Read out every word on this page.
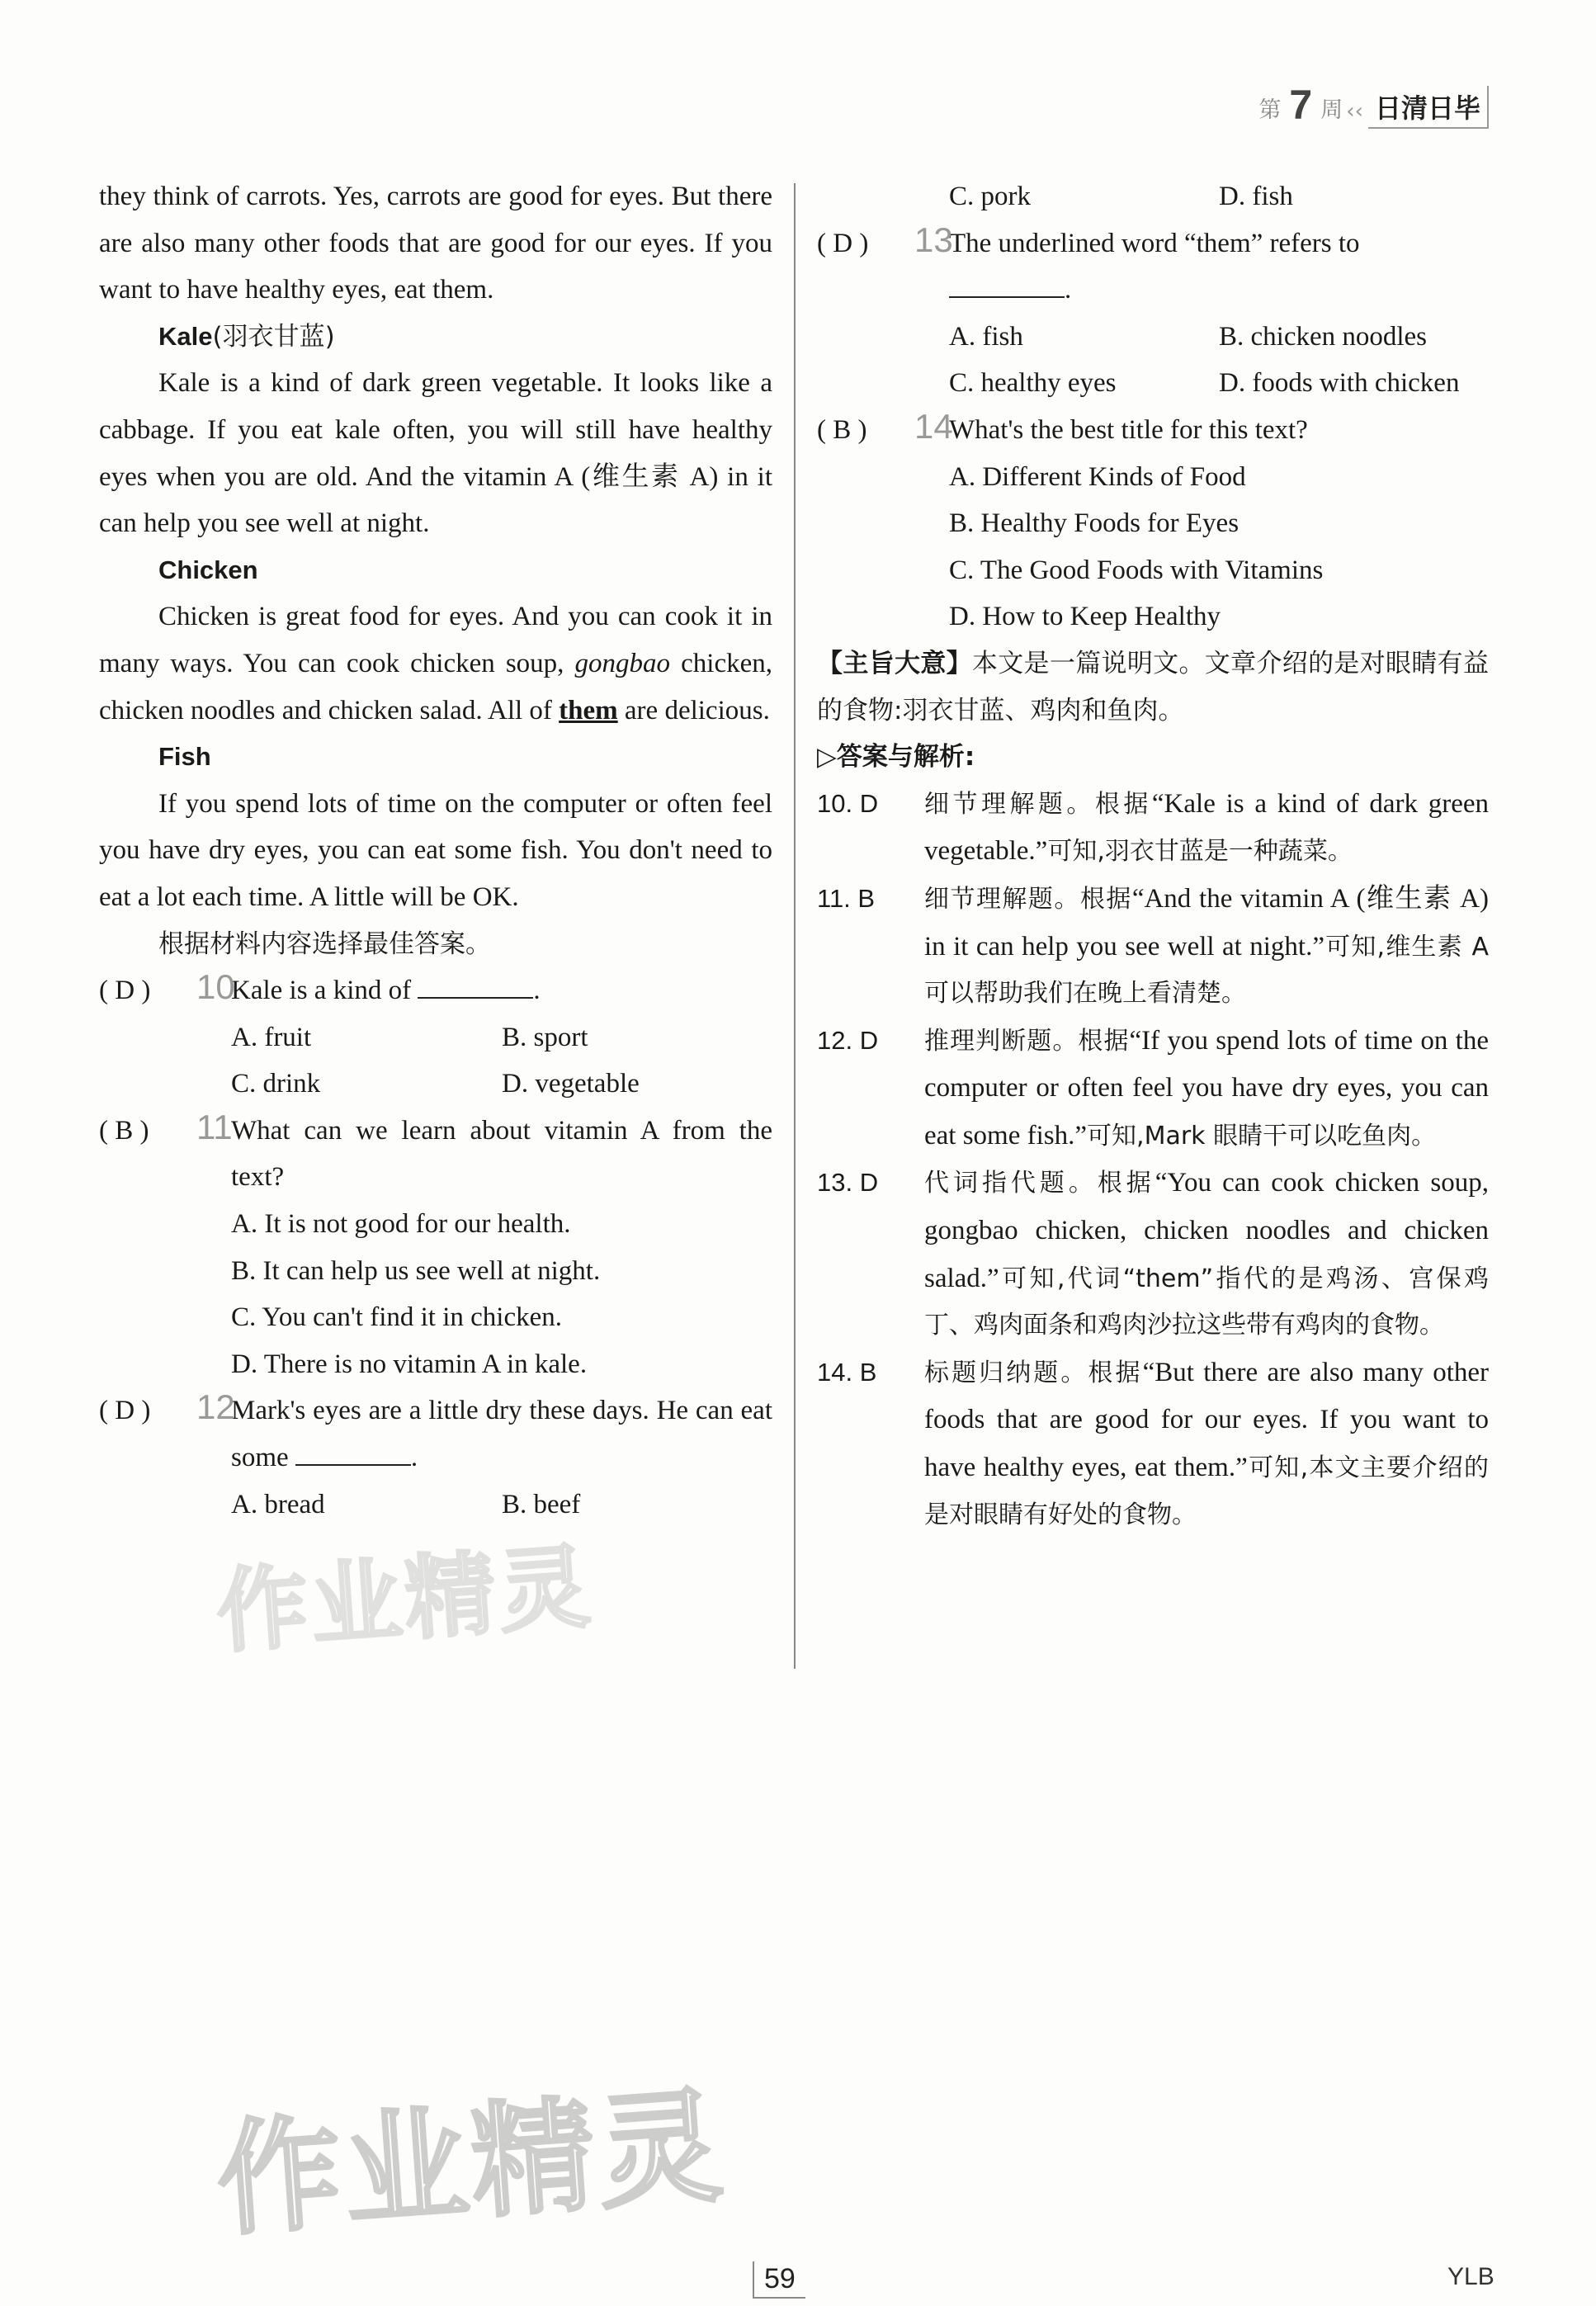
第 7 周 ‹‹ 日清日毕

they think of carrots. Yes, carrots are good for eyes. But there are also many other foods that are good for our eyes. If you want to have healthy eyes, eat them.

Kale(羽衣甘蓝)

Kale is a kind of dark green vegetable. It looks like a cabbage. If you eat kale often, you will still have healthy eyes when you are old. And the vitamin A (维生素 A) in it can help you see well at night.

Chicken

Chicken is great food for eyes. And you can cook it in many ways. You can cook chicken soup, gongbao chicken, chicken noodles and chicken salad. All of them are delicious.

Fish

If you spend lots of time on the computer or often feel you have dry eyes, you can eat some fish. You don't need to eat a lot each time. A little will be OK.

根据材料内容选择最佳答案。

( D ) 10
Kale is a kind of	.
A. fruit	B. sport
C. drink	D. vegetable
( B ) 11
What can we learn about vitamin A from the text?
A. It is not good for our health.
B. It can help us see well at night.
C. You can't find it in chicken.
D. There is no vitamin A in kale.
( D ) 12
Mark's eyes are a little dry these days. He can eat some	.
A. bread	B. beef
C. pork	D. fish
( D ) 13
The underlined word “them” refers to
.
A. fish	B. chicken noodles
C. healthy eyes	D. foods with chicken
( B ) 14
What's the best title for this text?
A. Different Kinds of Food
B. Healthy Foods for Eyes
C. The Good Foods with Vitamins
D. How to Keep Healthy

【主旨大意】本文是一篇说明文。文章介绍的是对眼睛有益的食物:羽衣甘蓝、鸡肉和鱼肉。

▷答案与解析:

10. D	细节理解题。根据“Kale is a kind of dark green vegetable.”可知,羽衣甘蓝是一种蔬菜。
11. B	细节理解题。根据“And the vitamin A (维生素 A) in it can help you see well at night.”可知,维生素 A 可以帮助我们在晚上看清楚。
12. D	推理判断题。根据“If you spend lots of time on the computer or often feel you have dry eyes, you can eat some fish.”可知,Mark 眼睛干可以吃鱼肉。
13. D	代词指代题。根据“You can cook chicken soup, gongbao chicken, chicken noodles and chicken salad.”可知,代词“them”指代的是鸡汤、宫保鸡丁、鸡肉面条和鸡肉沙拉这些带有鸡肉的食物。
14. B	标题归纳题。根据“But there are also many other foods that are good for our eyes. If you want to have healthy eyes, eat them.”可知,本文主要介绍的是对眼睛有好处的食物。
作业精灵
作业精灵
59	YLB
